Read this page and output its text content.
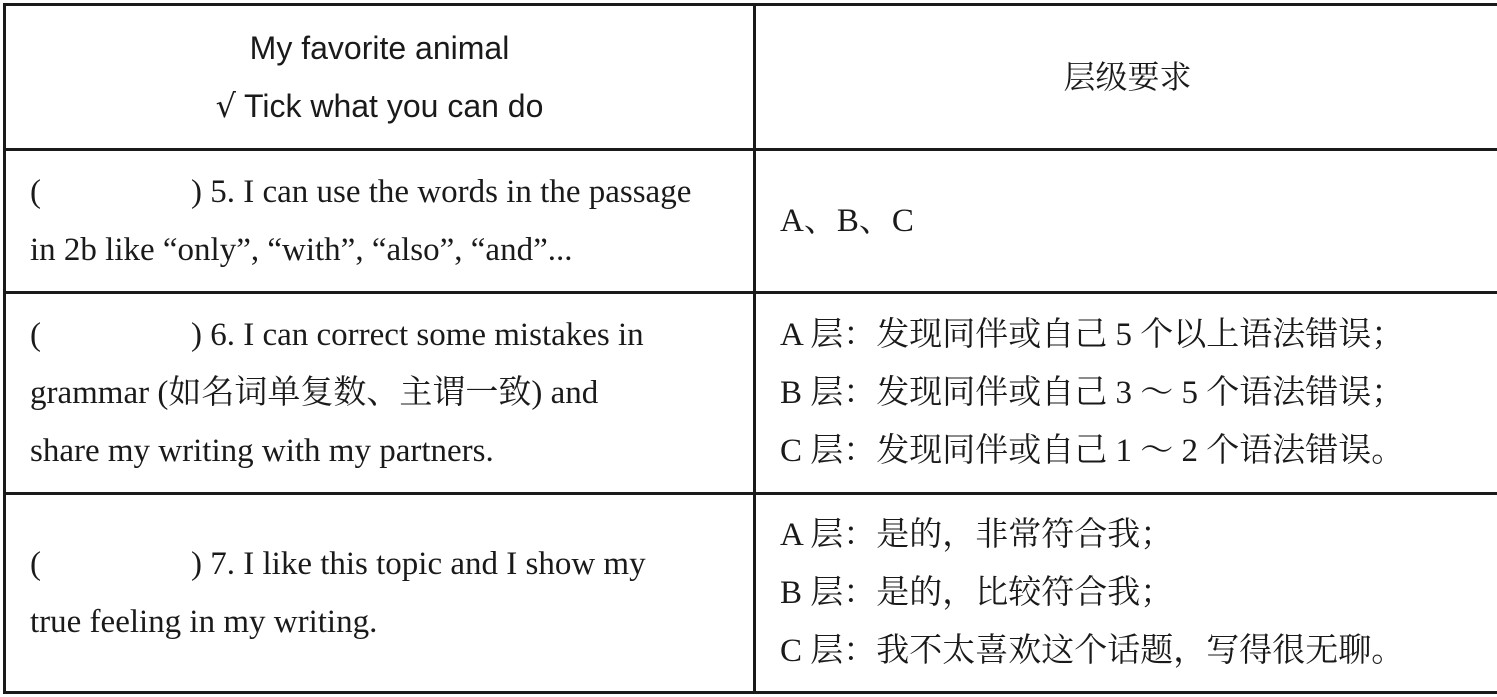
My favorite animal
√ Tick what you can do	层级要求

( ) 5. I can use the words in the passage
in 2b like “only”, “with”, “also”, “and”...	A、B、C

( ) 6. I can correct some mistakes in
grammar (如名词单复数、主谓一致) and
share my writing with my partners.	A 层：发现同伴或自己 5 个以上语法错误；
B 层：发现同伴或自己 3 ～ 5 个语法错误；
C 层：发现同伴或自己 1 ～ 2 个语法错误。

( ) 7. I like this topic and I show my
true feeling in my writing.	A 层：是的，非常符合我；
B 层：是的，比较符合我；
C 层：我不太喜欢这个话题，写得很无聊。
